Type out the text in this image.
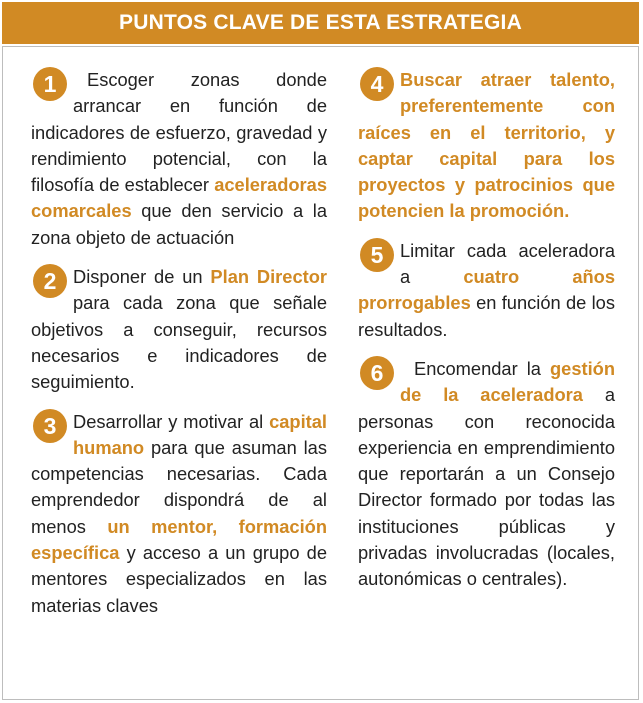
PUNTOS CLAVE DE ESTA ESTRATEGIA
1	Escoger zonas donde arrancar en función de indicadores de esfuerzo, gravedad y rendimiento potencial, con la filosofía de establecer aceleradoras comarcales que den servicio a la zona objeto de actuación
2 Disponer de un Plan Director para cada zona que señale objetivos a conseguir, recursos necesarios e indicadores de seguimiento.
3 Desarrollar y motivar al capital humano para que asuman las competencias necesarias. Cada emprendedor dispondrá de al menos un mentor, formación específica y acceso a un grupo de mentores especializados en las materias claves
4 Buscar atraer talento, preferentemente con raíces en el territorio, y captar capital para los proyectos y patrocinios que potencien la promoción.
5 Limitar cada aceleradora a cuatro años prorrogables en función de los resultados.
6	Encomendar la gestión de la aceleradora a personas con reconocida experiencia en emprendimiento que reportarán a un Consejo Director formado por todas las instituciones públicas y privadas involucradas (locales, autonómicas o centrales).
